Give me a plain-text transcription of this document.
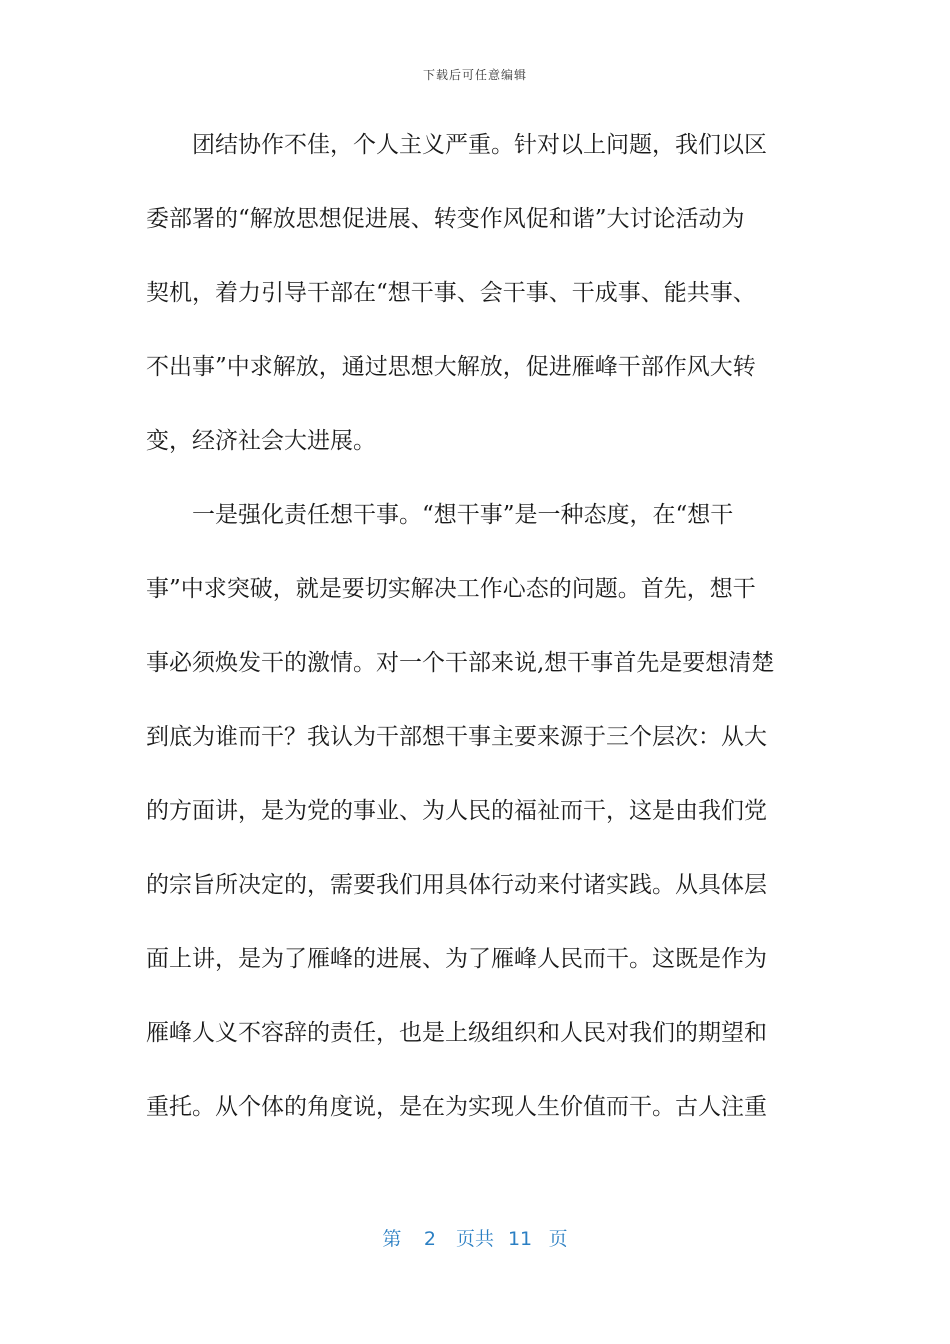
下载后可任意编辑
团结协作不佳，个人主义严重。针对以上问题，我们以区
委部署的“解放思想促进展、转变作风促和谐”大讨论活动为
契机，着力引导干部在“想干事、会干事、干成事、能共事、
不出事”中求解放，通过思想大解放，促进雁峰干部作风大转
变，经济社会大进展。
一是强化责任想干事。“想干事”是一种态度，在“想干
事”中求突破，就是要切实解决工作心态的问题。首先，想干
事必须焕发干的激情。对一个干部来说,想干事首先是要想清楚
到底为谁而干？我认为干部想干事主要来源于三个层次：从大
的方面讲，是为党的事业、为人民的福祉而干，这是由我们党
的宗旨所决定的，需要我们用具体行动来付诸实践。从具体层
面上讲，是为了雁峰的进展、为了雁峰人民而干。这既是作为
雁峰人义不容辞的责任，也是上级组织和人民对我们的期望和
重托。从个体的角度说，是在为实现人生价值而干。古人注重
第 2 页共 11 页
